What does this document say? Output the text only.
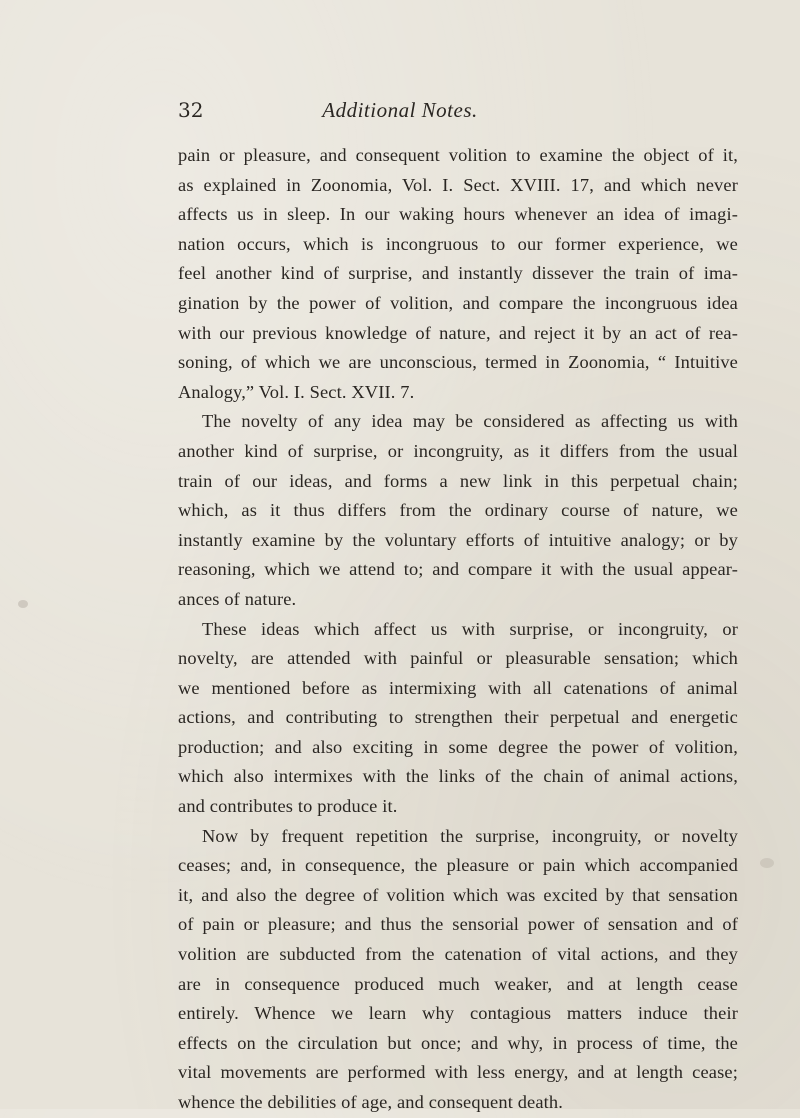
32	Additional Notes.
pain or pleasure, and consequent volition to examine the object of it,
as explained in Zoonomia, Vol. I. Sect. XVIII. 17, and which never
affects us in sleep. In our waking hours whenever an idea of imagi-
nation occurs, which is incongruous to our former experience, we
feel another kind of surprise, and instantly dissever the train of ima-
gination by the power of volition, and compare the incongruous idea
with our previous knowledge of nature, and reject it by an act of rea-
soning, of which we are unconscious, termed in Zoonomia, “ Intuitive
Analogy,” Vol. I. Sect. XVII. 7.
The novelty of any idea may be considered as affecting us with
another kind of surprise, or incongruity, as it differs from the usual
train of our ideas, and forms a new link in this perpetual chain;
which, as it thus differs from the ordinary course of nature, we
instantly examine by the voluntary efforts of intuitive analogy; or by
reasoning, which we attend to; and compare it with the usual appear-
ances of nature.
These ideas which affect us with surprise, or incongruity, or
novelty, are attended with painful or pleasurable sensation; which
we mentioned before as intermixing with all catenations of animal
actions, and contributing to strengthen their perpetual and energetic
production; and also exciting in some degree the power of volition,
which also intermixes with the links of the chain of animal actions,
and contributes to produce it.
Now by frequent repetition the surprise, incongruity, or novelty
ceases; and, in consequence, the pleasure or pain which accompanied
it, and also the degree of volition which was excited by that sensation
of pain or pleasure; and thus the sensorial power of sensation and of
volition are subducted from the catenation of vital actions, and they
are in consequence produced much weaker, and at length cease
entirely. Whence we learn why contagious matters induce their
effects on the circulation but once; and why, in process of time, the
vital movements are performed with less energy, and at length cease;
whence the debilities of age, and consequent death.
